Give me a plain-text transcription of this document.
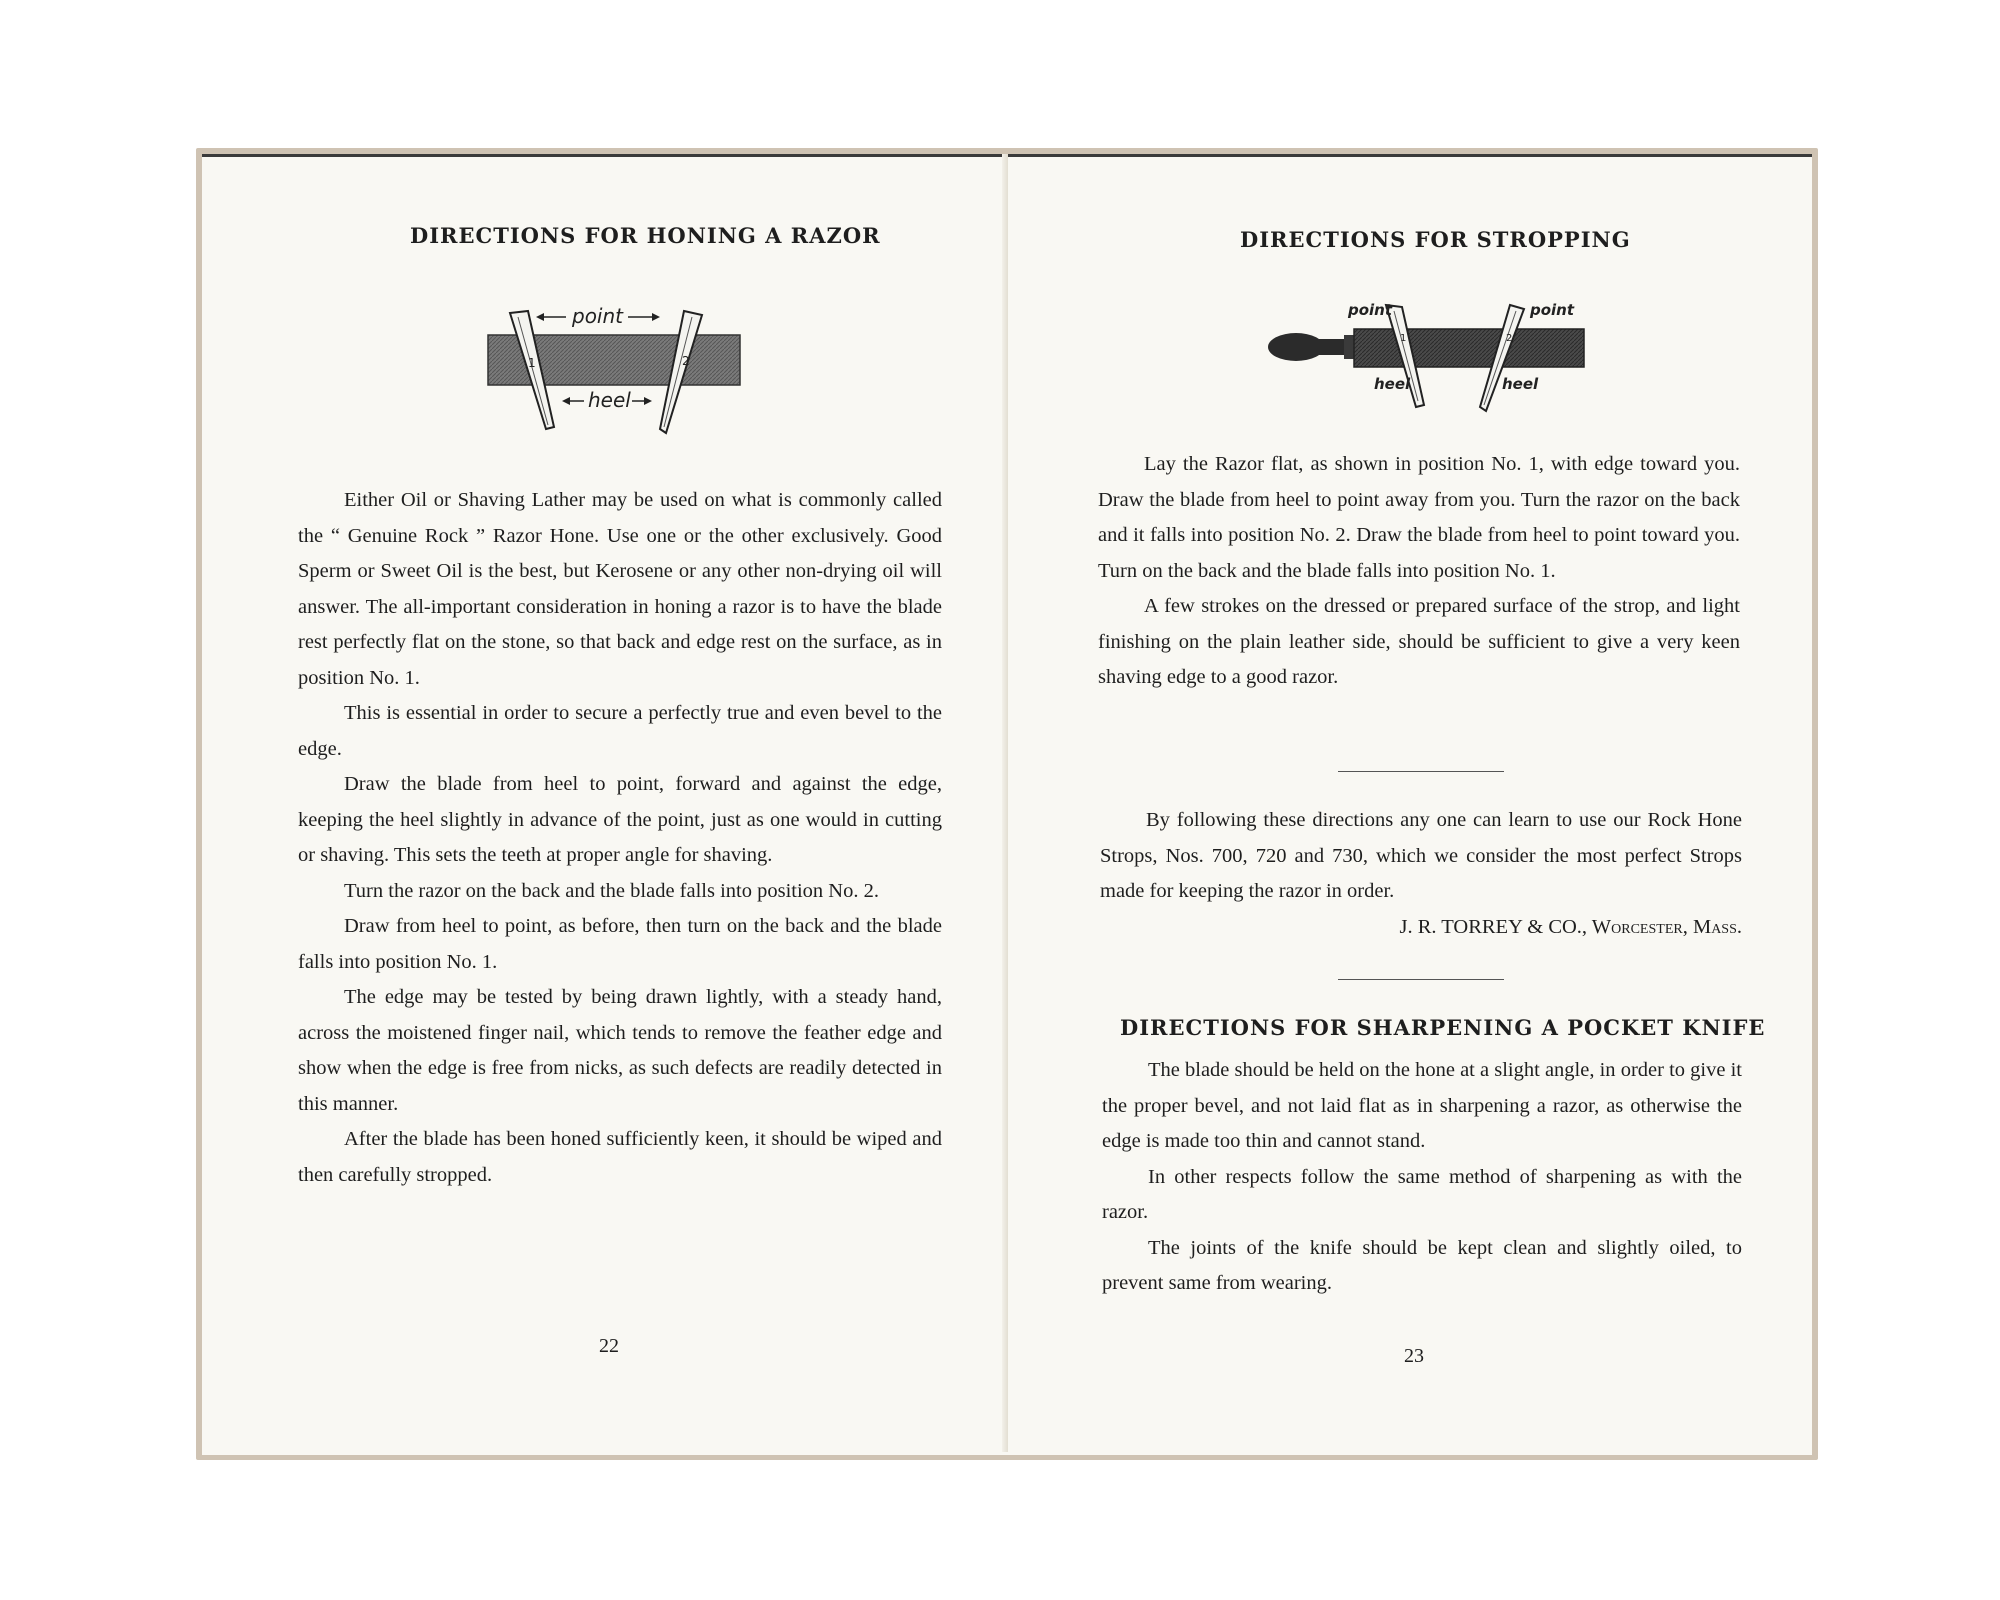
DIRECTIONS FOR HONING A RAZOR
1	2
point
heel

Either Oil or Shaving Lather may be used on what is commonly called the “ Genuine Rock ” Razor Hone. Use one or the other exclusively. Good Sperm or Sweet Oil is the best, but Kerosene or any other non-drying oil will answer. The all-important consideration in honing a razor is to have the blade rest perfectly flat on the stone, so that back and edge rest on the surface, as in position No. 1.

This is essential in order to secure a perfectly true and even bevel to the edge.

Draw the blade from heel to point, forward and against the edge, keeping the heel slightly in advance of the point, just as one would in cutting or shaving. This sets the teeth at proper angle for shaving.

Turn the razor on the back and the blade falls into position No. 2.

Draw from heel to point, as before, then turn on the back and the blade falls into position No. 1.

The edge may be tested by being drawn lightly, with a steady hand, across the moistened finger nail, which tends to remove the feather edge and show when the edge is free from nicks, as such defects are readily detected in this manner.

After the blade has been honed sufficiently keen, it should be wiped and then carefully stropped.

22
DIRECTIONS FOR STROPPING
1	2
point	point
heel	heel

Lay the Razor flat, as shown in position No. 1, with edge toward you. Draw the blade from heel to point away from you. Turn the razor on the back and it falls into position No. 2. Draw the blade from heel to point toward you. Turn on the back and the blade falls into position No. 1.

A few strokes on the dressed or prepared surface of the strop, and light finishing on the plain leather side, should be sufficient to give a very keen shaving edge to a good razor.

By following these directions any one can learn to use our Rock Hone Strops, Nos. 700, 720 and 730, which we consider the most perfect Strops made for keeping the razor in order.

J. R. TORREY & CO., Worcester, Mass.

DIRECTIONS FOR SHARPENING A POCKET KNIFE

The blade should be held on the hone at a slight angle, in order to give it the proper bevel, and not laid flat as in sharpening a razor, as otherwise the edge is made too thin and cannot stand.

In other respects follow the same method of sharpening as with the razor.

The joints of the knife should be kept clean and slightly oiled, to prevent same from wearing.

23
